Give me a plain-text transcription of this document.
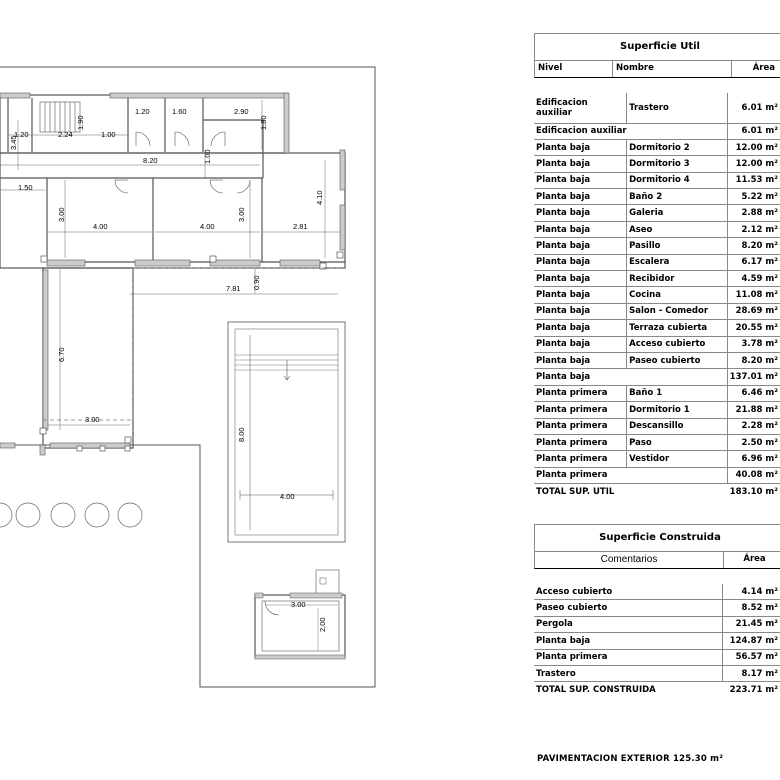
1.20	1.60	2.90
1.80
1.90
2.24	1.00
1.20
3.45
8.20	1.00
1.50
4.10
3.00
4.00	4.00
3.00
2.81
7.81 0.90
6.70
3.00
8.00
4.00
3.00
2.00
Superficie Util
Nivel	Nombre	Área
Edificacion auxiliar	Trastero	6.01 m²
Edificacion auxiliar		6.01 m²
Planta baja	Dormitorio 2	12.00 m²
Planta baja	Dormitorio 3	12.00 m²
Planta baja	Dormitorio 4	11.53 m²
Planta baja	Baño 2	5.22 m²
Planta baja	Galeria	2.88 m²
Planta baja	Aseo	2.12 m²
Planta baja	Pasillo	8.20 m²
Planta baja	Escalera	6.17 m²
Planta baja	Recibidor	4.59 m²
Planta baja	Cocina	11.08 m²
Planta baja	Salon - Comedor	28.69 m²
Planta baja	Terraza cubierta	20.55 m²
Planta baja	Acceso cubierto	3.78 m²
Planta baja	Paseo cubierto	8.20 m²
Planta baja		137.01 m²
Planta primera	Baño 1	6.46 m²
Planta primera	Dormitorio 1	21.88 m²
Planta primera	Descansillo	2.28 m²
Planta primera	Paso	2.50 m²
Planta primera	Vestidor	6.96 m²
Planta primera		40.08 m²
TOTAL SUP. UTIL		183.10 m²
Superficie Construida
Comentarios	Área
Acceso cubierto	4.14 m²
Paseo cubierto	8.52 m²
Pergola	21.45 m²
Planta baja	124.87 m²
Planta primera	56.57 m²
Trastero	8.17 m²
TOTAL SUP. CONSTRUIDA	223.71 m²
PAVIMENTACION EXTERIOR 125.30 m²
